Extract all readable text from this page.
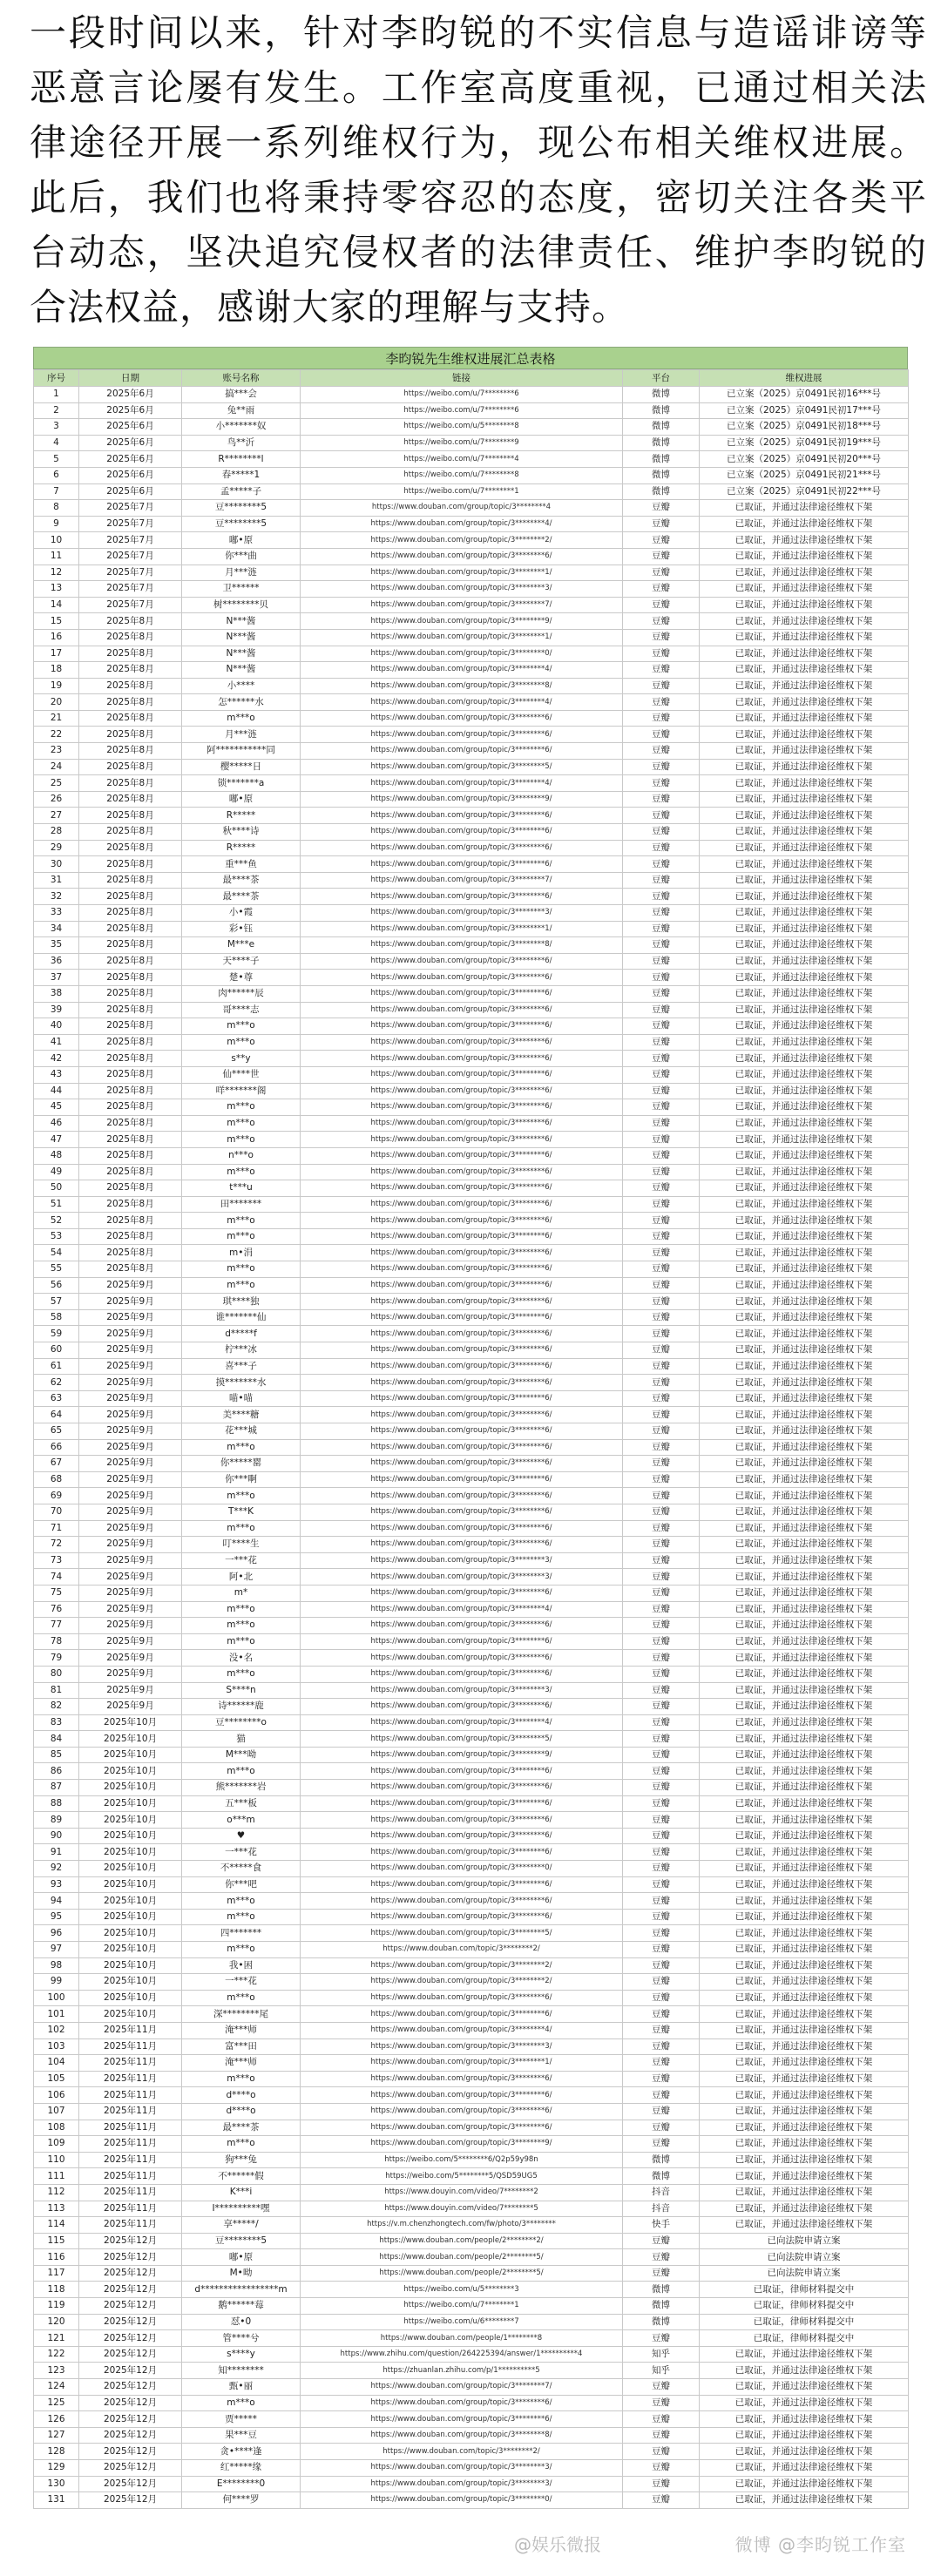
一段时间以来，针对李昀锐的不实信息与造谣诽谤等恶意言论屡有发生。工作室高度重视，已通过相关法律途径开展一系列维权行为，现公布相关维权进展。此后，我们也将秉持零容忍的态度，密切关注各类平台动态，坚决追究侵权者的法律责任、维护李昀锐的合法权益，感谢大家的理解与支持。
李昀锐先生维权进展汇总表格
序号	日期	账号名称	链接	平台	维权进展
1	2025年6月	搞***会	https://weibo.com/u/7********6	微博	已立案（2025）京0491民初16***号
2	2025年6月	兔**雨	https://weibo.com/u/7********6	微博	已立案（2025）京0491民初17***号
3	2025年6月	小*******奴	https://weibo.com/u/5********8	微博	已立案（2025）京0491民初18***号
4	2025年6月	鸟**沂	https://weibo.com/u/7********9	微博	已立案（2025）京0491民初19***号
5	2025年6月	R********l	https://weibo.com/u/7********4	微博	已立案（2025）京0491民初20***号
6	2025年6月	春*****1	https://weibo.com/u/7********8	微博	已立案（2025）京0491民初21***号
7	2025年6月	孟*****子	https://weibo.com/u/7********1	微博	已立案（2025）京0491民初22***号
8	2025年7月	豆********5	https://www.douban.com/group/topic/3********4	豆瓣	已取证，并通过法律途径维权下架
9	2025年7月	豆********5	https://www.douban.com/group/topic/3********4/	豆瓣	已取证，并通过法律途径维权下架
10	2025年7月	嘟•原	https://www.douban.com/group/topic/3********2/	豆瓣	已取证，并通过法律途径维权下架
11	2025年7月	你***曲	https://www.douban.com/group/topic/3********6/	豆瓣	已取证，并通过法律途径维权下架
12	2025年7月	月***涟	https://www.douban.com/group/topic/3********1/	豆瓣	已取证，并通过法律途径维权下架
13	2025年7月	卫******	https://www.douban.com/group/topic/3********3/	豆瓣	已取证，并通过法律途径维权下架
14	2025年7月	树********贝	https://www.douban.com/group/topic/3********7/	豆瓣	已取证，并通过法律途径维权下架
15	2025年8月	N***酱	https://www.douban.com/group/topic/3********9/	豆瓣	已取证，并通过法律途径维权下架
16	2025年8月	N***酱	https://www.douban.com/group/topic/3********1/	豆瓣	已取证，并通过法律途径维权下架
17	2025年8月	N***酱	https://www.douban.com/group/topic/3********0/	豆瓣	已取证，并通过法律途径维权下架
18	2025年8月	N***酱	https://www.douban.com/group/topic/3********4/	豆瓣	已取证，并通过法律途径维权下架
19	2025年8月	小****	https://www.douban.com/group/topic/3********8/	豆瓣	已取证，并通过法律途径维权下架
20	2025年8月	怎******水	https://www.douban.com/group/topic/3********4/	豆瓣	已取证，并通过法律途径维权下架
21	2025年8月	m***o	https://www.douban.com/group/topic/3********6/	豆瓣	已取证，并通过法律途径维权下架
22	2025年8月	月***涟	https://www.douban.com/group/topic/3********6/	豆瓣	已取证，并通过法律途径维权下架
23	2025年8月	阿***********同	https://www.douban.com/group/topic/3********6/	豆瓣	已取证，并通过法律途径维权下架
24	2025年8月	樱*****日	https://www.douban.com/group/topic/3********5/	豆瓣	已取证，并通过法律途径维权下架
25	2025年8月	锁*******a	https://www.douban.com/group/topic/3********4/	豆瓣	已取证，并通过法律途径维权下架
26	2025年8月	嘟•原	https://www.douban.com/group/topic/3********9/	豆瓣	已取证，并通过法律途径维权下架
27	2025年8月	R*****	https://www.douban.com/group/topic/3********6/	豆瓣	已取证，并通过法律途径维权下架
28	2025年8月	秋****诗	https://www.douban.com/group/topic/3********6/	豆瓣	已取证，并通过法律途径维权下架
29	2025年8月	R*****	https://www.douban.com/group/topic/3********6/	豆瓣	已取证，并通过法律途径维权下架
30	2025年8月	重***鱼	https://www.douban.com/group/topic/3********6/	豆瓣	已取证，并通过法律途径维权下架
31	2025年8月	最****茶	https://www.douban.com/group/topic/3********7/	豆瓣	已取证，并通过法律途径维权下架
32	2025年8月	最****茶	https://www.douban.com/group/topic/3********6/	豆瓣	已取证，并通过法律途径维权下架
33	2025年8月	小•霞	https://www.douban.com/group/topic/3********3/	豆瓣	已取证，并通过法律途径维权下架
34	2025年8月	彩•钰	https://www.douban.com/group/topic/3********1/	豆瓣	已取证，并通过法律途径维权下架
35	2025年8月	M***e	https://www.douban.com/group/topic/3********8/	豆瓣	已取证，并通过法律途径维权下架
36	2025年8月	天****子	https://www.douban.com/group/topic/3********6/	豆瓣	已取证，并通过法律途径维权下架
37	2025年8月	楚•尊	https://www.douban.com/group/topic/3********6/	豆瓣	已取证，并通过法律途径维权下架
38	2025年8月	肉******辰	https://www.douban.com/group/topic/3********6/	豆瓣	已取证，并通过法律途径维权下架
39	2025年8月	哥****志	https://www.douban.com/group/topic/3********6/	豆瓣	已取证，并通过法律途径维权下架
40	2025年8月	m***o	https://www.douban.com/group/topic/3********6/	豆瓣	已取证，并通过法律途径维权下架
41	2025年8月	m***o	https://www.douban.com/group/topic/3********6/	豆瓣	已取证，并通过法律途径维权下架
42	2025年8月	s**y	https://www.douban.com/group/topic/3********6/	豆瓣	已取证，并通过法律途径维权下架
43	2025年8月	仙****世	https://www.douban.com/group/topic/3********6/	豆瓣	已取证，并通过法律途径维权下架
44	2025年8月	咩*******阁	https://www.douban.com/group/topic/3********6/	豆瓣	已取证，并通过法律途径维权下架
45	2025年8月	m***o	https://www.douban.com/group/topic/3********6/	豆瓣	已取证，并通过法律途径维权下架
46	2025年8月	m***o	https://www.douban.com/group/topic/3********6/	豆瓣	已取证，并通过法律途径维权下架
47	2025年8月	m***o	https://www.douban.com/group/topic/3********6/	豆瓣	已取证，并通过法律途径维权下架
48	2025年8月	n***o	https://www.douban.com/group/topic/3********6/	豆瓣	已取证，并通过法律途径维权下架
49	2025年8月	m***o	https://www.douban.com/group/topic/3********6/	豆瓣	已取证，并通过法律途径维权下架
50	2025年8月	t***u	https://www.douban.com/group/topic/3********6/	豆瓣	已取证，并通过法律途径维权下架
51	2025年8月	田*******	https://www.douban.com/group/topic/3********6/	豆瓣	已取证，并通过法律途径维权下架
52	2025年8月	m***o	https://www.douban.com/group/topic/3********6/	豆瓣	已取证，并通过法律途径维权下架
53	2025年8月	m***o	https://www.douban.com/group/topic/3********6/	豆瓣	已取证，并通过法律途径维权下架
54	2025年8月	m•涓	https://www.douban.com/group/topic/3********6/	豆瓣	已取证，并通过法律途径维权下架
55	2025年8月	m***o	https://www.douban.com/group/topic/3********6/	豆瓣	已取证，并通过法律途径维权下架
56	2025年9月	m***o	https://www.douban.com/group/topic/3********6/	豆瓣	已取证，并通过法律途径维权下架
57	2025年9月	琪****独	https://www.douban.com/group/topic/3********6/	豆瓣	已取证，并通过法律途径维权下架
58	2025年9月	谁*******仙	https://www.douban.com/group/topic/3********6/	豆瓣	已取证，并通过法律途径维权下架
59	2025年9月	d*****f	https://www.douban.com/group/topic/3********6/	豆瓣	已取证，并通过法律途径维权下架
60	2025年9月	柠***冰	https://www.douban.com/group/topic/3********6/	豆瓣	已取证，并通过法律途径维权下架
61	2025年9月	喜***子	https://www.douban.com/group/topic/3********6/	豆瓣	已取证，并通过法律途径维权下架
62	2025年9月	摸*******水	https://www.douban.com/group/topic/3********6/	豆瓣	已取证，并通过法律途径维权下架
63	2025年9月	喵•喵	https://www.douban.com/group/topic/3********6/	豆瓣	已取证，并通过法律途径维权下架
64	2025年9月	美****糖	https://www.douban.com/group/topic/3********6/	豆瓣	已取证，并通过法律途径维权下架
65	2025年9月	花***城	https://www.douban.com/group/topic/3********6/	豆瓣	已取证，并通过法律途径维权下架
66	2025年9月	m***o	https://www.douban.com/group/topic/3********6/	豆瓣	已取证，并通过法律途径维权下架
67	2025年9月	你*****罂	https://www.douban.com/group/topic/3********6/	豆瓣	已取证，并通过法律途径维权下架
68	2025年9月	你***啊	https://www.douban.com/group/topic/3********6/	豆瓣	已取证，并通过法律途径维权下架
69	2025年9月	m***o	https://www.douban.com/group/topic/3********6/	豆瓣	已取证，并通过法律途径维权下架
70	2025年9月	T***K	https://www.douban.com/group/topic/3********6/	豆瓣	已取证，并通过法律途径维权下架
71	2025年9月	m***o	https://www.douban.com/group/topic/3********6/	豆瓣	已取证，并通过法律途径维权下架
72	2025年9月	叮****生	https://www.douban.com/group/topic/3********6/	豆瓣	已取证，并通过法律途径维权下架
73	2025年9月	一***花	https://www.douban.com/group/topic/3********3/	豆瓣	已取证，并通过法律途径维权下架
74	2025年9月	阿•北	https://www.douban.com/group/topic/3********3/	豆瓣	已取证，并通过法律途径维权下架
75	2025年9月	m*	https://www.douban.com/group/topic/3********6/	豆瓣	已取证，并通过法律途径维权下架
76	2025年9月	m***o	https://www.douban.com/group/topic/3********4/	豆瓣	已取证，并通过法律途径维权下架
77	2025年9月	m***o	https://www.douban.com/group/topic/3********6/	豆瓣	已取证，并通过法律途径维权下架
78	2025年9月	m***o	https://www.douban.com/group/topic/3********6/	豆瓣	已取证，并通过法律途径维权下架
79	2025年9月	没•名	https://www.douban.com/group/topic/3********6/	豆瓣	已取证，并通过法律途径维权下架
80	2025年9月	m***o	https://www.douban.com/group/topic/3********6/	豆瓣	已取证，并通过法律途径维权下架
81	2025年9月	S****n	https://www.douban.com/group/topic/3********3/	豆瓣	已取证，并通过法律途径维权下架
82	2025年9月	诗******鹿	https://www.douban.com/group/topic/3********6/	豆瓣	已取证，并通过法律途径维权下架
83	2025年10月	豆********o	https://www.douban.com/group/topic/3********4/	豆瓣	已取证，并通过法律途径维权下架
84	2025年10月	猫	https://www.douban.com/group/topic/3********5/	豆瓣	已取证，并通过法律途径维权下架
85	2025年10月	M***呦	https://www.douban.com/group/topic/3********9/	豆瓣	已取证，并通过法律途径维权下架
86	2025年10月	m***o	https://www.douban.com/group/topic/3********6/	豆瓣	已取证，并通过法律途径维权下架
87	2025年10月	熊*******岩	https://www.douban.com/group/topic/3********6/	豆瓣	已取证，并通过法律途径维权下架
88	2025年10月	五***板	https://www.douban.com/group/topic/3********6/	豆瓣	已取证，并通过法律途径维权下架
89	2025年10月	o***m	https://www.douban.com/group/topic/3********6/	豆瓣	已取证，并通过法律途径维权下架
90	2025年10月	♥	https://www.douban.com/group/topic/3********6/	豆瓣	已取证，并通过法律途径维权下架
91	2025年10月	一***花	https://www.douban.com/group/topic/3********6/	豆瓣	已取证，并通过法律途径维权下架
92	2025年10月	不*****食	https://www.douban.com/group/topic/3********0/	豆瓣	已取证，并通过法律途径维权下架
93	2025年10月	你***吧	https://www.douban.com/group/topic/3********6/	豆瓣	已取证，并通过法律途径维权下架
94	2025年10月	m***o	https://www.douban.com/group/topic/3********6/	豆瓣	已取证，并通过法律途径维权下架
95	2025年10月	m***o	https://www.douban.com/group/topic/3********6/	豆瓣	已取证，并通过法律途径维权下架
96	2025年10月	四*******	https://www.douban.com/group/topic/3********5/	豆瓣	已取证，并通过法律途径维权下架
97	2025年10月	m***o	https://www.douban.com/topic/3********2/	豆瓣	已取证，并通过法律途径维权下架
98	2025年10月	我•困	https://www.douban.com/group/topic/3********2/	豆瓣	已取证，并通过法律途径维权下架
99	2025年10月	一***花	https://www.douban.com/group/topic/3********2/	豆瓣	已取证，并通过法律途径维权下架
100	2025年10月	m***o	https://www.douban.com/group/topic/3********6/	豆瓣	已取证，并通过法律途径维权下架
101	2025年10月	深********尾	https://www.douban.com/group/topic/3********6/	豆瓣	已取证，并通过法律途径维权下架
102	2025年11月	淹***师	https://www.douban.com/group/topic/3********4/	豆瓣	已取证，并通过法律途径维权下架
103	2025年11月	富***田	https://www.douban.com/group/topic/3********3/	豆瓣	已取证，并通过法律途径维权下架
104	2025年11月	淹***师	https://www.douban.com/group/topic/3********1/	豆瓣	已取证，并通过法律途径维权下架
105	2025年11月	m***o	https://www.douban.com/group/topic/3********6/	豆瓣	已取证，并通过法律途径维权下架
106	2025年11月	d****o	https://www.douban.com/group/topic/3********6/	豆瓣	已取证，并通过法律途径维权下架
107	2025年11月	d****o	https://www.douban.com/group/topic/3********6/	豆瓣	已取证，并通过法律途径维权下架
108	2025年11月	最****茶	https://www.douban.com/group/topic/3********6/	豆瓣	已取证，并通过法律途径维权下架
109	2025年11月	m***o	https://www.douban.com/group/topic/3********9/	豆瓣	已取证，并通过法律途径维权下架
110	2025年11月	狗***兔	https://weibo.com/5********6/Q2p59y98n	微博	已取证，并通过法律途径维权下架
111	2025年11月	不******假	https://weibo.com/5********5/QSD59UG5	微博	已取证，并通过法律途径维权下架
112	2025年11月	K***i	https://www.douyin.com/video/7********2	抖音	已取证，并通过法律途径维权下架
113	2025年11月	I**********嘿	https://www.douyin.com/video/7********5	抖音	已取证，并通过法律途径维权下架
114	2025年11月	享*****/	https://v.m.chenzhongtech.com/fw/photo/3********	快手	已取证，并通过法律途径维权下架
115	2025年12月	豆********5	https://www.douban.com/people/2********2/	豆瓣	已向法院申请立案
116	2025年12月	嘟•原	https://www.douban.com/people/2********5/	豆瓣	已向法院申请立案
117	2025年12月	M•呦	https://www.douban.com/people/2********5/	豆瓣	已向法院申请立案
118	2025年12月	d*****************m	https://weibo.com/u/5********3	微博	已取证，律师材料提交中
119	2025年12月	鹅******莓	https://weibo.com/u/7********1	微博	已取证，律师材料提交中
120	2025年12月	怼•0	https://weibo.com/u/6********7	微博	已取证，律师材料提交中
121	2025年12月	管****兮	https://www.douban.com/people/1********8	豆瓣	已取证，律师材料提交中
122	2025年12月	s****y	https://www.zhihu.com/question/264225394/answer/1**********4	知乎	已取证，并通过法律途径维权下架
123	2025年12月	知********	https://zhuanlan.zhihu.com/p/1**********5	知乎	已取证，并通过法律途径维权下架
124	2025年12月	甄•丽	https://www.douban.com/group/topic/3********7/	豆瓣	已取证，并通过法律途径维权下架
125	2025年12月	m***o	https://www.douban.com/group/topic/3********6/	豆瓣	已取证，并通过法律途径维权下架
126	2025年12月	贾*****	https://www.douban.com/group/topic/3********6/	豆瓣	已取证，并通过法律途径维权下架
127	2025年12月	果***豆	https://www.douban.com/group/topic/3********8/	豆瓣	已取证，并通过法律途径维权下架
128	2025年12月	贪•****逢	https://www.douban.com/topic/3********2/	豆瓣	已取证，并通过法律途径维权下架
129	2025年12月	红*****缘	https://www.douban.com/group/topic/3********3/	豆瓣	已取证，并通过法律途径维权下架
130	2025年12月	E********0	https://www.douban.com/group/topic/3********3/	豆瓣	已取证，并通过法律途径维权下架
131	2025年12月	何****罗	https://www.douban.com/group/topic/3********0/	豆瓣	已取证，并通过法律途径维权下架
@娱乐微报	微博 @李昀锐工作室
